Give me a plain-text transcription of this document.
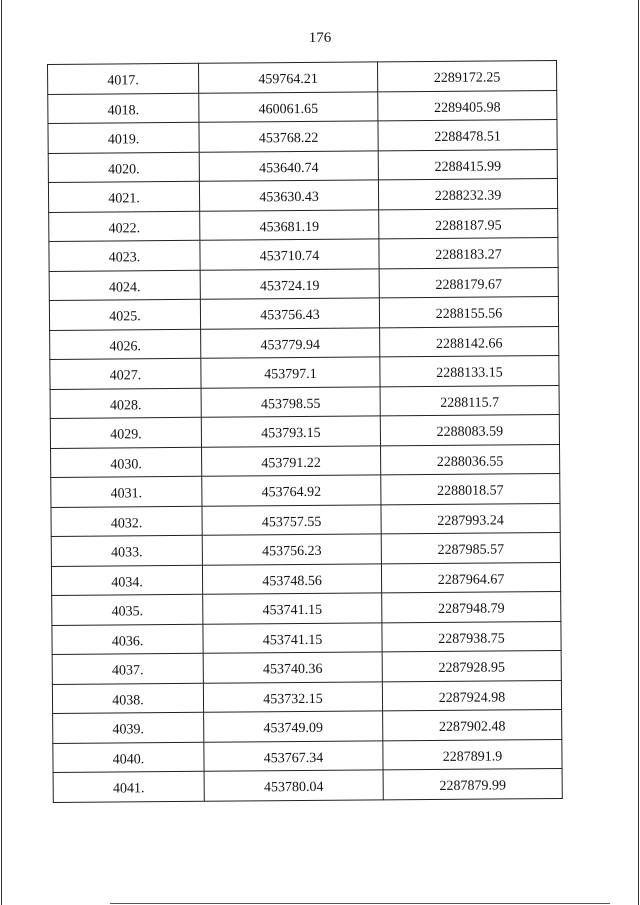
176
4017.	459764.21	2289172.25
4018.	460061.65	2289405.98
4019.	453768.22	2288478.51
4020.	453640.74	2288415.99
4021.	453630.43	2288232.39
4022.	453681.19	2288187.95
4023.	453710.74	2288183.27
4024.	453724.19	2288179.67
4025.	453756.43	2288155.56
4026.	453779.94	2288142.66
4027.	453797.1	2288133.15
4028.	453798.55	2288115.7
4029.	453793.15	2288083.59
4030.	453791.22	2288036.55
4031.	453764.92	2288018.57
4032.	453757.55	2287993.24
4033.	453756.23	2287985.57
4034.	453748.56	2287964.67
4035.	453741.15	2287948.79
4036.	453741.15	2287938.75
4037.	453740.36	2287928.95
4038.	453732.15	2287924.98
4039.	453749.09	2287902.48
4040.	453767.34	2287891.9
4041.	453780.04	2287879.99
